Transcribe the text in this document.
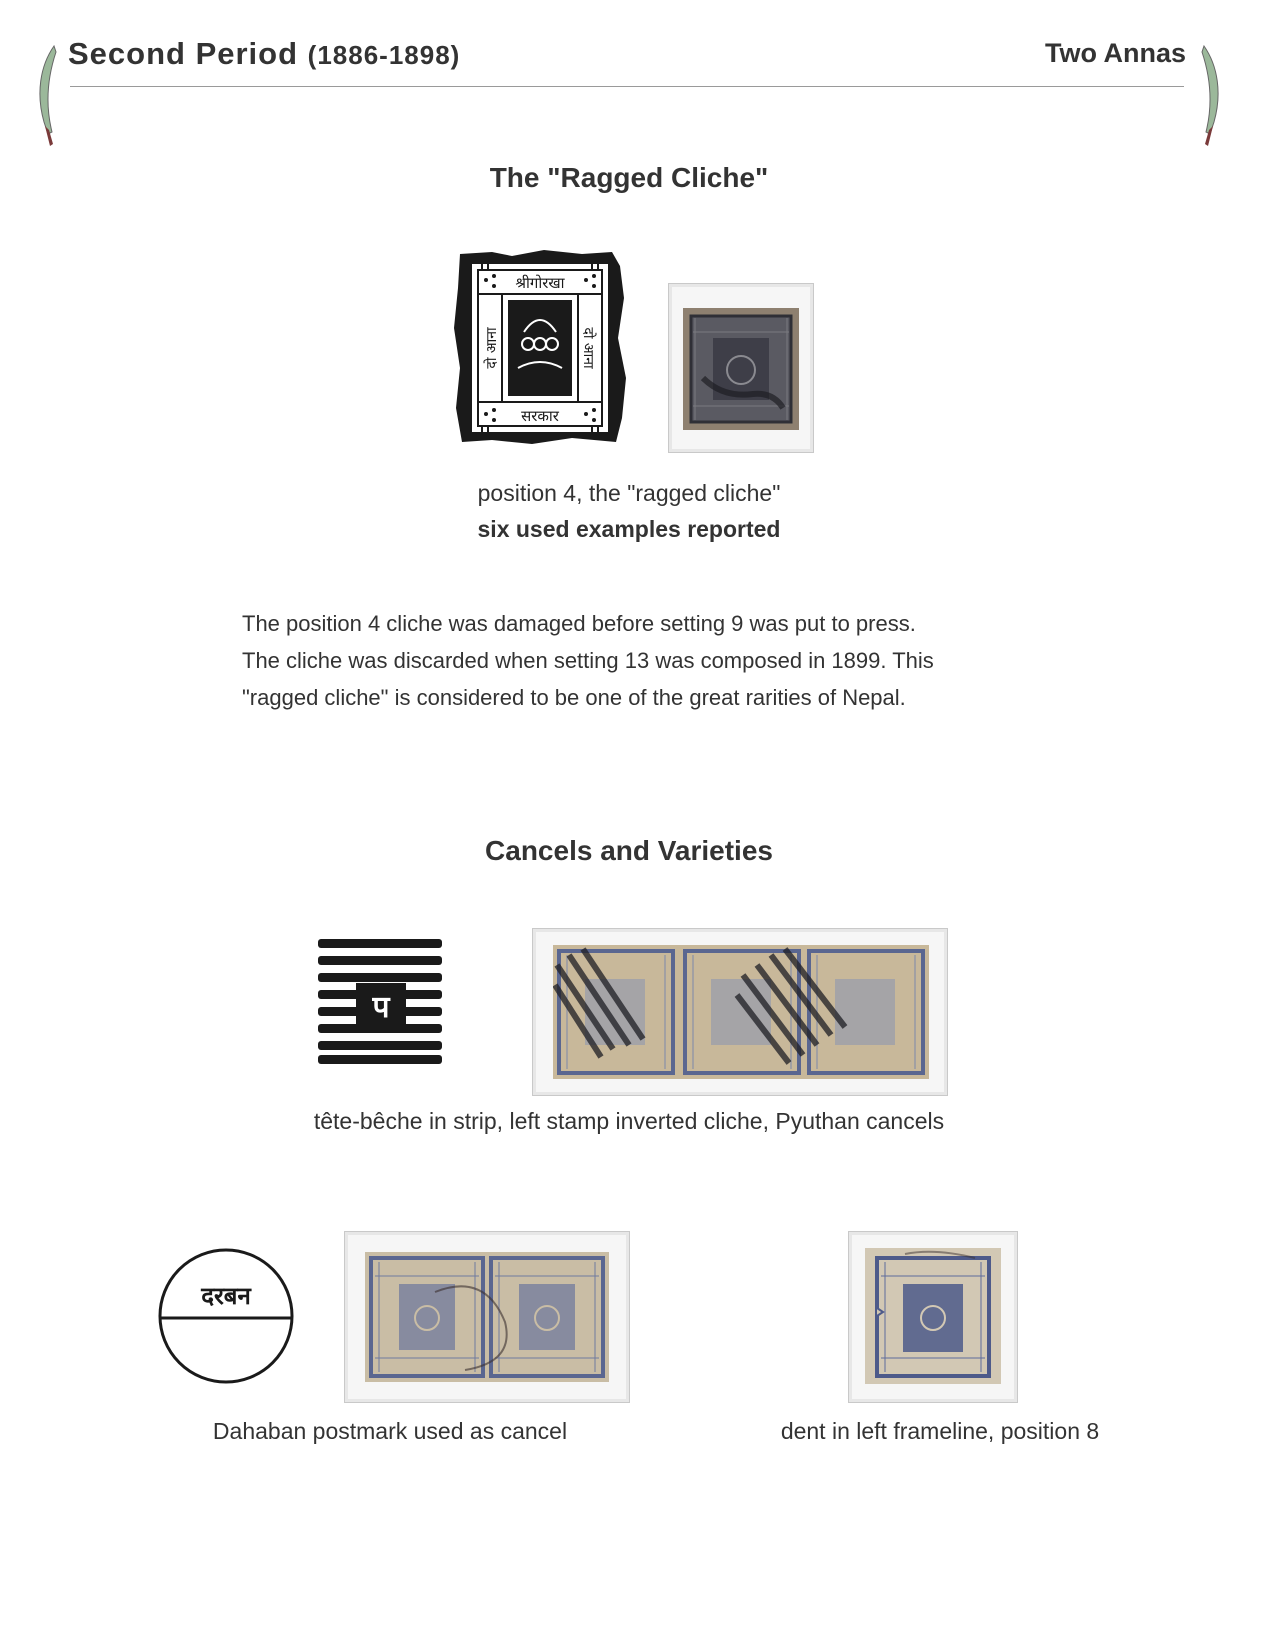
Second Period (1886-1898)	Two Annas
The "Ragged Cliche"
श्रीगोरखा
सरकार
दो आना	दो आना
position 4, the "ragged cliche"
six used examples reported

The position 4 cliche was damaged before setting 9 was put to press.

The cliche was discarded when setting 13 was composed in 1899. This

"ragged cliche" is considered to be one of the great rarities of Nepal.

Cancels and Varieties
प
tête-bêche in strip, left stamp inverted cliche, Pyuthan cancels
दरबन
Dahaban postmark used as cancel	dent in left frameline, position 8
